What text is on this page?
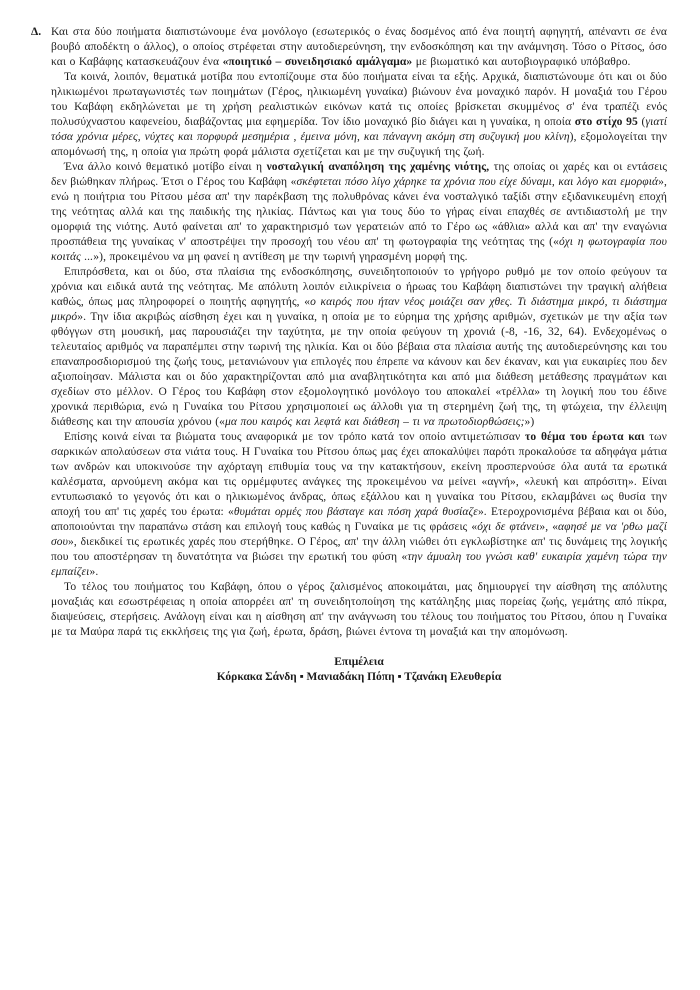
Δ. Και στα δύο ποιήματα διαπιστώνουμε ένα μονόλογο (εσωτερικός ο ένας δοσμένος από ένα ποιητή αφηγητή, απέναντι σε ένα βουβό αποδέκτη ο άλλος), ο οποίος στρέφεται στην αυτοδιερεύνηση, την ενδοσκόπηση και την ανάμνηση. Τόσο ο Ρίτσος, όσο και ο Καβάφης κατασκευάζουν ένα «ποιητικό – συνειδησιακό αμάλγαμα» με βιωματικό και αυτοβιογραφικό υπόβαθρο.

Τα κοινά, λοιπόν, θεματικά μοτίβα που εντοπίζουμε στα δύο ποιήματα είναι τα εξής. Αρχικά, διαπιστώνουμε ότι και οι δύο ηλικιωμένοι πρωταγωνιστές των ποιημάτων (Γέρος, ηλικιωμένη γυναίκα) βιώνουν ένα μοναχικό παρόν. Η μοναξιά του Γέρου του Καβάφη εκδηλώνεται με τη χρήση ρεαλιστικών εικόνων κατά τις οποίες βρίσκεται σκυμμένος σ' ένα τραπέζι ενός πολυσύχναστου καφενείου, διαβάζοντας μια εφημερίδα. Τον ίδιο μοναχικό βίο διάγει και η γυναίκα, η οποία στο στίχο 95 (γιατί τόσα χρόνια μέρες, νύχτες και πορφυρά μεσημέρια , έμεινα μόνη, και πάναγνη ακόμη στη συζυγική μου κλίνη), εξομολογείται την απομόνωσή της, η οποία για πρώτη φορά μάλιστα σχετίζεται και με την συζυγική της ζωή.

Ένα άλλο κοινό θεματικό μοτίβο είναι η νοσταλγική αναπόληση της χαμένης νιότης, της οποίας οι χαρές και οι εντάσεις δεν βιώθηκαν πλήρως. Έτσι ο Γέρος του Καβάφη «σκέφτεται πόσο λίγο χάρηκε τα χρόνια που είχε δύναμι, και λόγο και εμορφιά», ενώ η ποιήτρια του Ρίτσου μέσα απ' την παρέκβαση της πολυθρόνας κάνει ένα νοσταλγικό ταξίδι στην εξιδανικευμένη εποχή της νεότητας αλλά και της παιδικής της ηλικίας. Πάντως και για τους δύο το γήρας είναι επαχθές σε αντιδιαστολή με την ομορφιά της νιότης. Αυτό φαίνεται απ' το χαρακτηρισμό των γερατειών από το Γέρο ως «άθλια» αλλά και απ' την εναγώνια προσπάθεια της γυναίκας ν' αποστρέψει την προσοχή του νέου απ' τη φωτογραφία της νεότητας της («όχι η φωτογραφία που κοιτάς ...»), προκειμένου να μη φανεί η αντίθεση με την τωρινή γηρασμένη μορφή της.

Επιπρόσθετα, και οι δύο, στα πλαίσια της ενδοσκόπησης, συνειδητοποιούν το γρήγορο ρυθμό με τον οποίο φεύγουν τα χρόνια και ειδικά αυτά της νεότητας. Με απόλυτη λοιπόν ειλικρίνεια ο ήρωας του Καβάφη διαπιστώνει την τραγική αλήθεια καθώς, όπως μας πληροφορεί ο ποιητής αφηγητής, «ο καιρός που ήταν νέος μοιάζει σαν χθες. Τι διάστημα μικρό, τι διάστημα μικρό». Την ίδια ακριβώς αίσθηση έχει και η γυναίκα, η οποία με το εύρημα της χρήσης αριθμών, σχετικών με την αξία των φθόγγων στη μουσική, μας παρουσιάζει την ταχύτητα, με την οποία φεύγουν τη χρονιά (-8, -16, 32, 64). Ενδεχομένως ο τελευταίος αριθμός να παραπέμπει στην τωρινή της ηλικία. Και οι δύο βέβαια στα πλαίσια αυτής της αυτοδιερεύνησης και του επαναπροσδιορισμού της ζωής τους, μετανιώνουν για επιλογές που έπρεπε να κάνουν και δεν έκαναν, και για ευκαιρίες που δεν αξιοποίησαν. Μάλιστα και οι δύο χαρακτηρίζονται από μια αναβλητικότητα και από μια διάθεση μετάθεσης πραγμάτων και σχεδίων στο μέλλον. Ο Γέρος του Καβάφη στον εξομολογητικό μονόλογο του αποκαλεί «τρέλλα» τη λογική που του έδινε χρονικά περιθώρια, ενώ η Γυναίκα του Ρίτσου χρησιμοποιεί ως άλλοθι για τη στερημένη ζωή της, τη φτώχεια, την έλλειψη διάθεσης και την απουσία χρόνου («μα που καιρός και λεφτά και διάθεση – τι να πρωτοδιορθώσεις;»)

Επίσης κοινά είναι τα βιώματα τους αναφορικά με τον τρόπο κατά τον οποίο αντιμετώπισαν το θέμα του έρωτα και των σαρκικών απολαύσεων στα νιάτα τους. Η Γυναίκα του Ρίτσου όπως μας έχει αποκαλύψει παρότι προκαλούσε τα αδηφάγα μάτια των ανδρών και υποκινούσε την αχόρταγη επιθυμία τους να την κατακτήσουν, εκείνη προσπερνούσε όλα αυτά τα ερωτικά καλέσματα, αρνούμενη ακόμα και τις ορμέμφυτες ανάγκες της προκειμένου να μείνει «αγνή», «λευκή και απρόσιτη». Είναι εντυπωσιακό το γεγονός ότι και ο ηλικιωμένος άνδρας, όπως εξάλλου και η γυναίκα του Ρίτσου, εκλαμβάνει ως θυσία την αποχή του απ' τις χαρές του έρωτα: «θυμάται ορμές που βάσταγε και πόση χαρά θυσίαζε». Ετεροχρονισμένα βέβαια και οι δύο, αποποιούνται την παραπάνω στάση και επιλογή τους καθώς η Γυναίκα με τις φράσεις «όχι δε φτάνει», «αφησέ με να 'ρθω μαζί σου», διεκδικεί τις ερωτικές χαρές που στερήθηκε. Ο Γέρος, απ' την άλλη νιώθει ότι εγκλωβίστηκε απ' τις δυνάμεις της λογικής που του αποστέρησαν τη δυνατότητα να βιώσει την ερωτική του φύση «την άμυαλη του γνώσι καθ' ευκαιρία χαμένη τώρα την εμπαίζει».

Το τέλος του ποιήματος του Καβάφη, όπου ο γέρος ζαλισμένος αποκοιμάται, μας δημιουργεί την αίσθηση της απόλυτης μοναξιάς και εσωστρέφειας η οποία απορρέει απ' τη συνειδητοποίηση της κατάληξης μιας πορείας ζωής, γεμάτης από πίκρα, διαψεύσεις, στερήσεις. Ανάλογη είναι και η αίσθηση απ' την ανάγνωση του τέλους του ποιήματος του Ρίτσου, όπου η Γυναίκα με τα Μαύρα παρά τις εκκλήσεις της για ζωή, έρωτα, δράση, βιώνει έντονα τη μοναξιά και την απομόνωση.

Επιμέλεια
Κόρκακα Σάνδη ▪ Μανιαδάκη Πόπη ▪ Τζανάκη Ελευθερία
